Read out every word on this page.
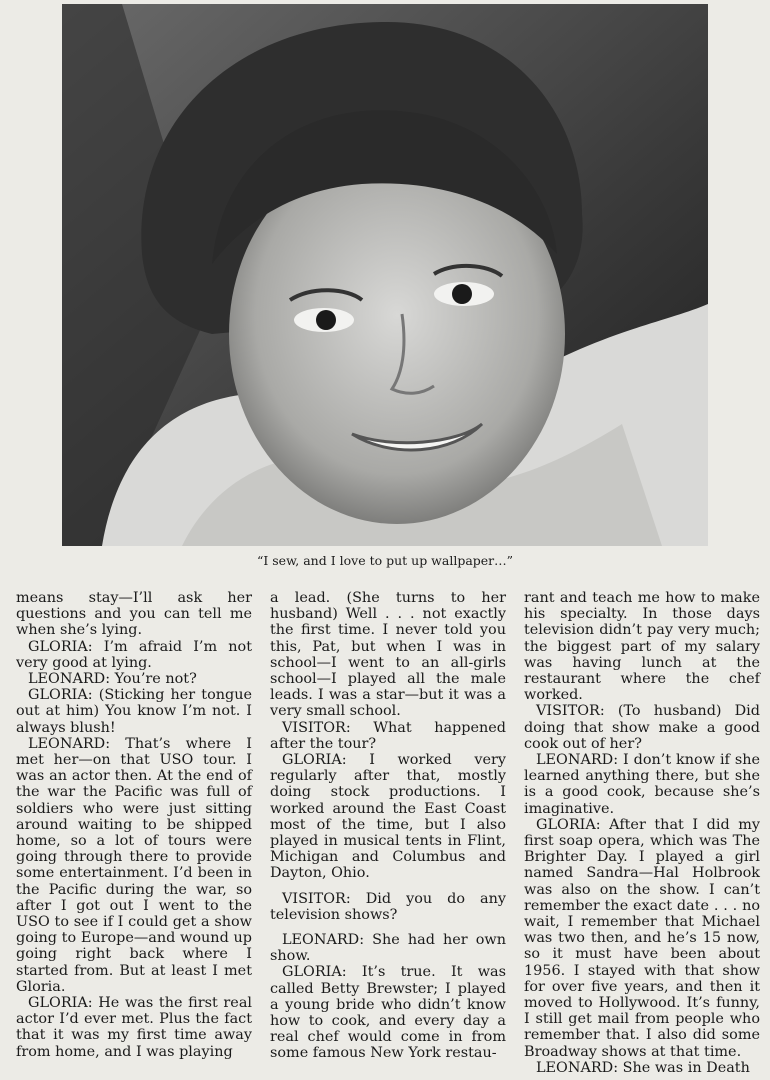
“I sew, and I love to put up wallpaper…”

means stay—I’ll ask her questions and you can tell me when she’s lying.

GLORIA: I’m afraid I’m not very good at lying.

LEONARD: You’re not?

GLORIA: (Sticking her tongue out at him) You know I’m not. I always blush!

LEONARD: That’s where I met her—on that USO tour. I was an actor then. At the end of the war the Pacific was full of soldiers who were just sitting around waiting to be shipped home, so a lot of tours were going through there to provide some entertainment. I’d been in the Pacific during the war, so after I got out I went to the USO to see if I could get a show going to Europe—and wound up going right back where I started from. But at least I met Gloria.

GLORIA: He was the first real actor I’d ever met. Plus the fact that it was my first time away from home, and I was playing

a lead. (She turns to her husband) Well . . . not exactly the first time. I never told you this, Pat, but when I was in school—I went to an all-girls school—I played all the male leads. I was a star—but it was a very small school.

VISITOR: What happened after the tour?

GLORIA: I worked very regularly after that, mostly doing stock productions. I worked around the East Coast most of the time, but I also played in musical tents in Flint, Michigan and Columbus and Dayton, Ohio.

VISITOR: Did you do any television shows?

LEONARD: She had her own show.

GLORIA: It’s true. It was called Betty Brewster; I played a young bride who didn’t know how to cook, and every day a real chef would come in from some famous New York restau-

rant and teach me how to make his specialty. In those days television didn’t pay very much; the biggest part of my salary was having lunch at the restaurant where the chef worked.

VISITOR: (To husband) Did doing that show make a good cook out of her?

LEONARD: I don’t know if she learned anything there, but she is a good cook, because she’s imaginative.

GLORIA: After that I did my first soap opera, which was The Brighter Day. I played a girl named Sandra—Hal Holbrook was also on the show. I can’t remember the exact date . . . no wait, I remember that Michael was two then, and he’s 15 now, so it must have been about 1956. I stayed with that show for over five years, and then it moved to Hollywood. It’s funny, I still get mail from people who remember that. I also did some Broadway shows at that time.

LEONARD: She was in Death
